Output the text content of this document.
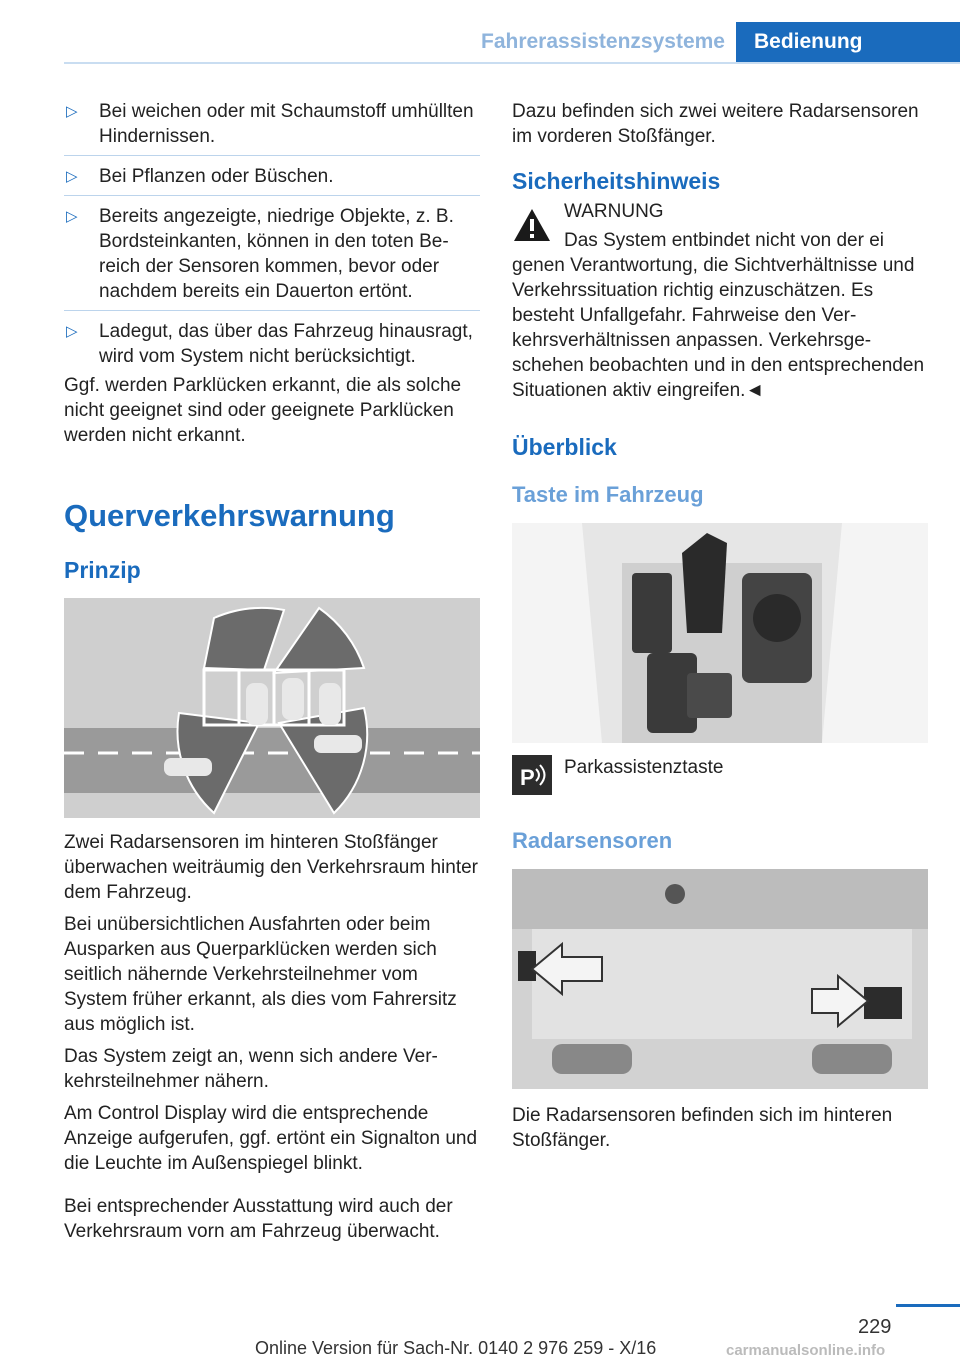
Fahrerassistenzsysteme	Bedienung
▷ Bei weichen oder mit Schaumstoff umhüllten Hindernissen.
▷ Bei Pflanzen oder Büschen.
▷ Bereits angezeigte, niedrige Objekte, z. B. Bordsteinkanten, können in den toten Bereich der Sensoren kommen, bevor oder nachdem bereits ein Dauerton ertönt.
▷ Ladegut, das über das Fahrzeug hinausragt, wird vom System nicht berücksichtigt.

Ggf. werden Parklücken erkannt, die als solche nicht geeignet sind oder geeignete Parklücken werden nicht erkannt.

Querverkehrswarnung
Prinzip

Zwei Radarsensoren im hinteren Stoßfänger überwachen weiträumig den Verkehrsraum hinter dem Fahrzeug.

Bei unübersichtlichen Ausfahrten oder beim Ausparken aus Querparklücken werden sich seitlich nähernde Verkehrsteilnehmer vom System früher erkannt, als dies vom Fahrersitz aus möglich ist.

Das System zeigt an, wenn sich andere Verkehrsteilnehmer nähern.

Am Control Display wird die entsprechende Anzeige aufgerufen, ggf. ertönt ein Signalton und die Leuchte im Außenspiegel blinkt.

Bei entsprechender Ausstattung wird auch der Verkehrsraum vorn am Fahrzeug überwacht.

Dazu befinden sich zwei weitere Radarsensoren im vorderen Stoßfänger.

Sicherheitshinweis
WARNUNG
Das System entbindet nicht von der ei
genen Verantwortung, die Sichtverhältnisse und Verkehrssituation richtig einzuschätzen. Es besteht Unfallgefahr. Fahrweise den Verkehrsverhältnissen anpassen. Verkehrsgeschehen beobachten und in den entsprechenden Situationen aktiv eingreifen.◄
Überblick
Taste im Fahrzeug
P Parkassistenztaste
Radarsensoren

Die Radarsensoren befinden sich im hinteren Stoßfänger.

229
Online Version für Sach-Nr. 0140 2 976 259 - X/16	carmanualsonline.info
